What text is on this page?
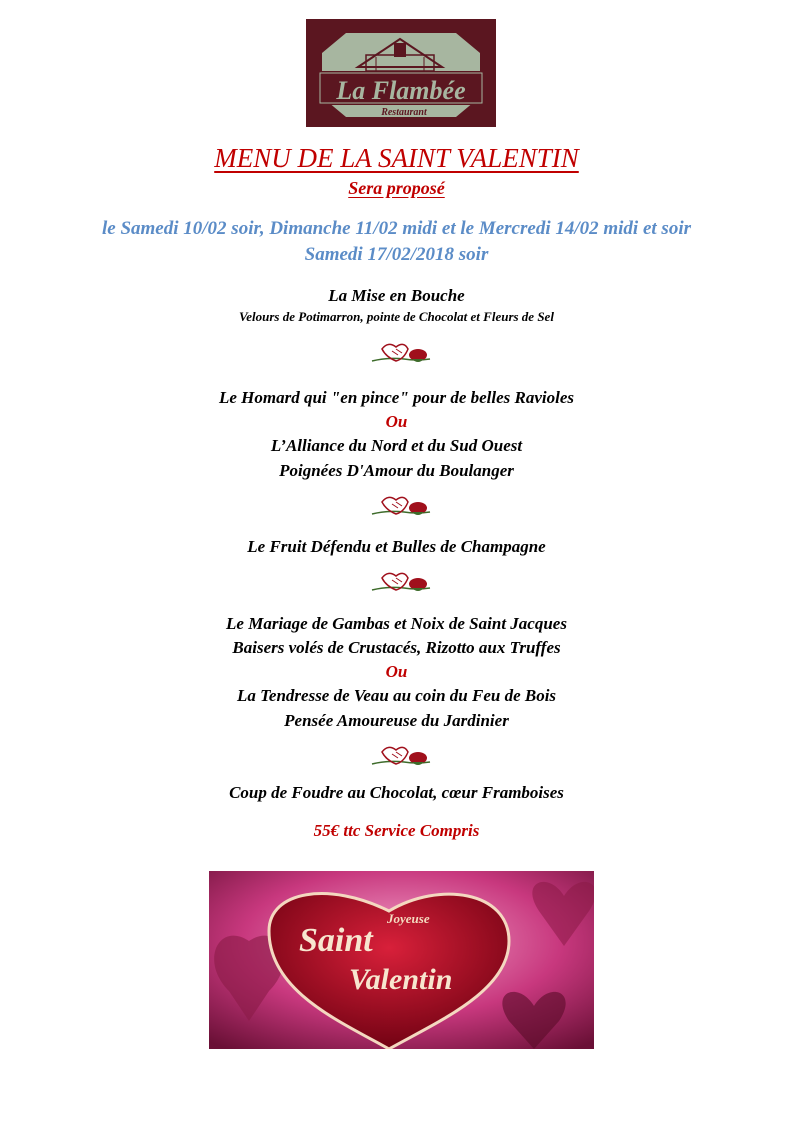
La Flambée
Restaurant
MENU DE LA SAINT VALENTIN
Sera proposé
le Samedi 10/02 soir, Dimanche 11/02 midi et le Mercredi 14/02 midi et soir
Samedi 17/02/2018 soir
La Mise en Bouche
Velours de Potimarron, pointe de Chocolat et Fleurs de Sel
Le Homard qui "en pince" pour de belles Ravioles
Ou
L’Alliance du Nord et du Sud Ouest
Poignées D'Amour du Boulanger
Le Fruit Défendu et Bulles de Champagne
Le Mariage de Gambas et Noix de Saint Jacques
Baisers volés de Crustacés, Rizotto aux Truffes
Ou
La Tendresse de Veau au coin du Feu de Bois
Pensée Amoureuse du Jardinier
Coup de Foudre au Chocolat, cœur Framboises
55€ ttc Service Compris
Joyeuse
Saint
Valentin
